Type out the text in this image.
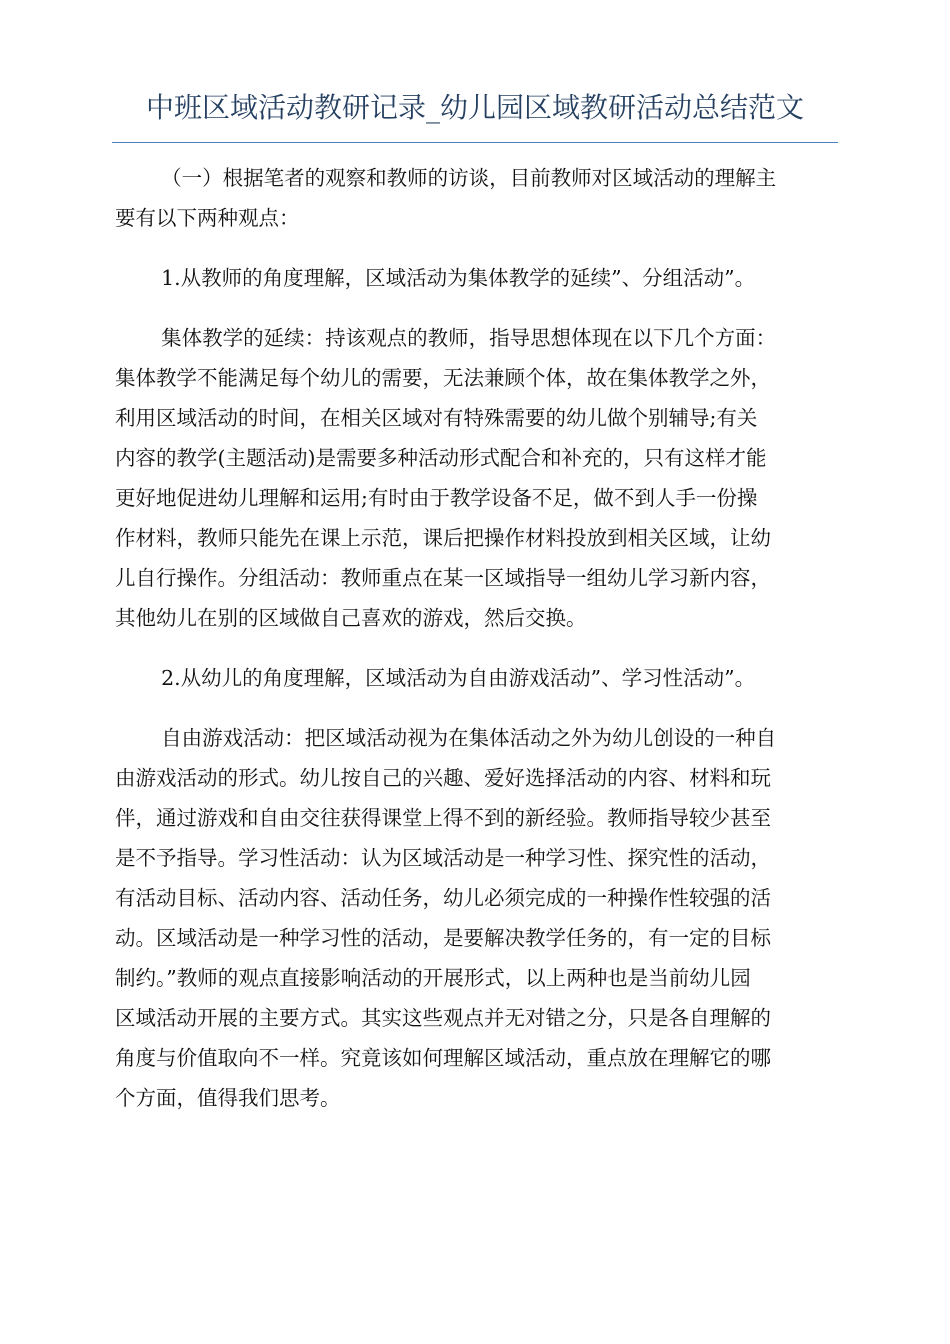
中班区域活动教研记录_幼儿园区域教研活动总结范文

（一）根据笔者的观察和教师的访谈，目前教师对区域活动的理解主
要有以下两种观点：

1.从教师的角度理解，区域活动为集体教学的延续”、分组活动”。

集体教学的延续：持该观点的教师，指导思想体现在以下几个方面：
集体教学不能满足每个幼儿的需要，无法兼顾个体，故在集体教学之外，
利用区域活动的时间，在相关区域对有特殊需要的幼儿做个别辅导;有关
内容的教学(主题活动)是需要多种活动形式配合和补充的，只有这样才能
更好地促进幼儿理解和运用;有时由于教学设备不足，做不到人手一份操
作材料，教师只能先在课上示范，课后把操作材料投放到相关区域，让幼
儿自行操作。分组活动：教师重点在某一区域指导一组幼儿学习新内容，
其他幼儿在别的区域做自己喜欢的游戏，然后交换。

2.从幼儿的角度理解，区域活动为自由游戏活动”、学习性活动”。

自由游戏活动：把区域活动视为在集体活动之外为幼儿创设的一种自
由游戏活动的形式。幼儿按自己的兴趣、爱好选择活动的内容、材料和玩
伴，通过游戏和自由交往获得课堂上得不到的新经验。教师指导较少甚至
是不予指导。学习性活动：认为区域活动是一种学习性、探究性的活动，
有活动目标、活动内容、活动任务，幼儿必须完成的一种操作性较强的活
动。区域活动是一种学习性的活动，是要解决教学任务的，有一定的目标
制约。”教师的观点直接影响活动的开展形式，以上两种也是当前幼儿园
区域活动开展的主要方式。其实这些观点并无对错之分，只是各自理解的
角度与价值取向不一样。究竟该如何理解区域活动，重点放在理解它的哪
个方面，值得我们思考。
